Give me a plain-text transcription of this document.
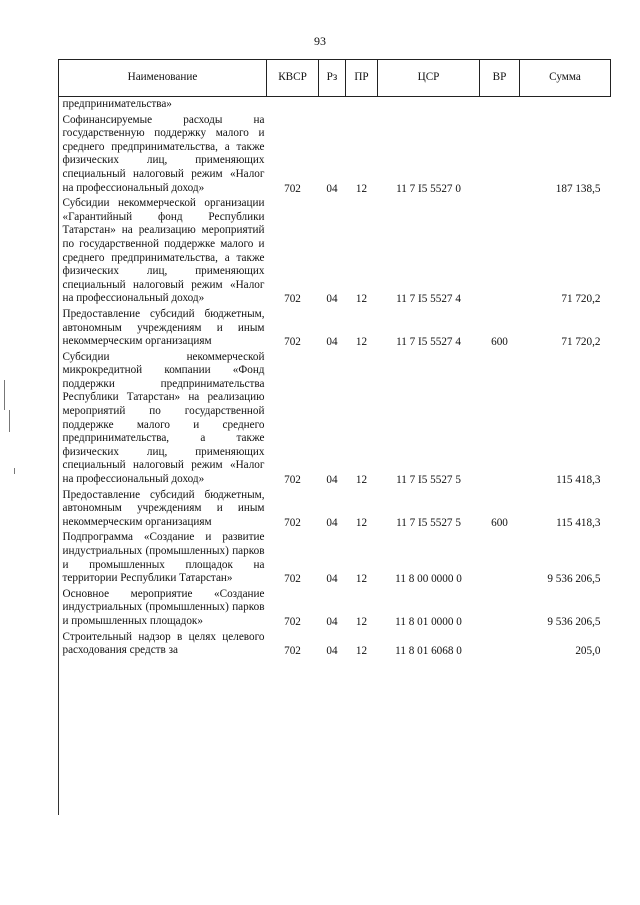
93
Наименование	КВСР	Рз	ПР	ЦСР	ВР	Сумма
предпринимательства»						
Софинансируемые расходы на государственную поддержку малого и среднего предпринимательства, а также физических лиц, применяющих специальный налоговый режим «Налог на профессиональный доход»	702	04	12	11 7 I5 5527 0		187 138,5
Субсидии некоммерческой организации «Гарантийный фонд Республики Татарстан» на реализацию мероприятий по государственной поддержке малого и среднего предпринимательства, а также физических лиц, применяющих специальный налоговый режим «Налог на профессиональный доход»	702	04	12	11 7 I5 5527 4		71 720,2
Предоставление субсидий бюджетным, автономным учреждениям и иным некоммерческим организациям	702	04	12	11 7 I5 5527 4	600	71 720,2
Субсидии некоммерческой микрокредитной компании «Фонд поддержки предпринимательства Республики Татарстан» на реализацию мероприятий по государственной поддержке малого и среднего предпринимательства, а также физических лиц, применяющих специальный налоговый режим «Налог на профессиональный доход»	702	04	12	11 7 I5 5527 5		115 418,3
Предоставление субсидий бюджетным, автономным учреждениям и иным некоммерческим организациям	702	04	12	11 7 I5 5527 5	600	115 418,3
Подпрограмма «Создание и развитие индустриальных (промышленных) парков и промышленных площадок на территории Республики Татарстан»	702	04	12	11 8 00 0000 0		9 536 206,5
Основное мероприятие «Создание индустриальных (промышленных) парков и промышленных площадок»	702	04	12	11 8 01 0000 0		9 536 206,5
Строительный надзор в целях целевого расходования средств за	702	04	12	11 8 01 6068 0		205,0
